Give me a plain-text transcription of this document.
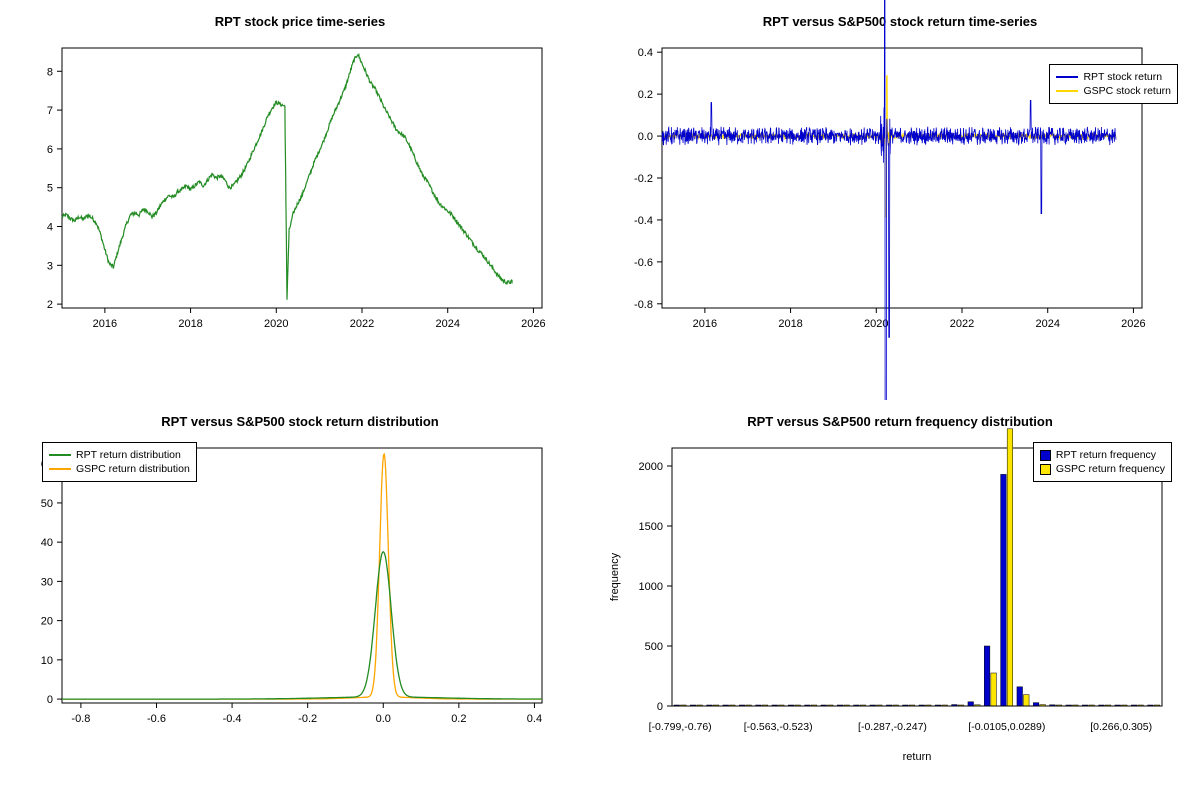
RPT stock price time-series
2
3
4
5
6
7
8
2016	2018	2020	2022	2024	2026
RPT versus S&P500 stock return time-series
-0.8
-0.6
-0.4
-0.2
0.0
0.2
0.4
2016	2018	2020	2022	2024	2026
RPT stock return
GSPC stock return
RPT versus S&P500 stock return distribution
0
10
20
30
40
50
-0.8	-0.6	-0.4	-0.2	0.0	0.2	0.4
RPT return distribution
GSPC return distribution
RPT versus S&P500 return frequency distribution
0
500
1000
1500
2000
[-0.799,-0.76)	[-0.563,-0.523)	[-0.287,-0.247)	[-0.0105,0.0289)	[0.266,0.305)
return
frequency
RPT return frequency
GSPC return frequency
